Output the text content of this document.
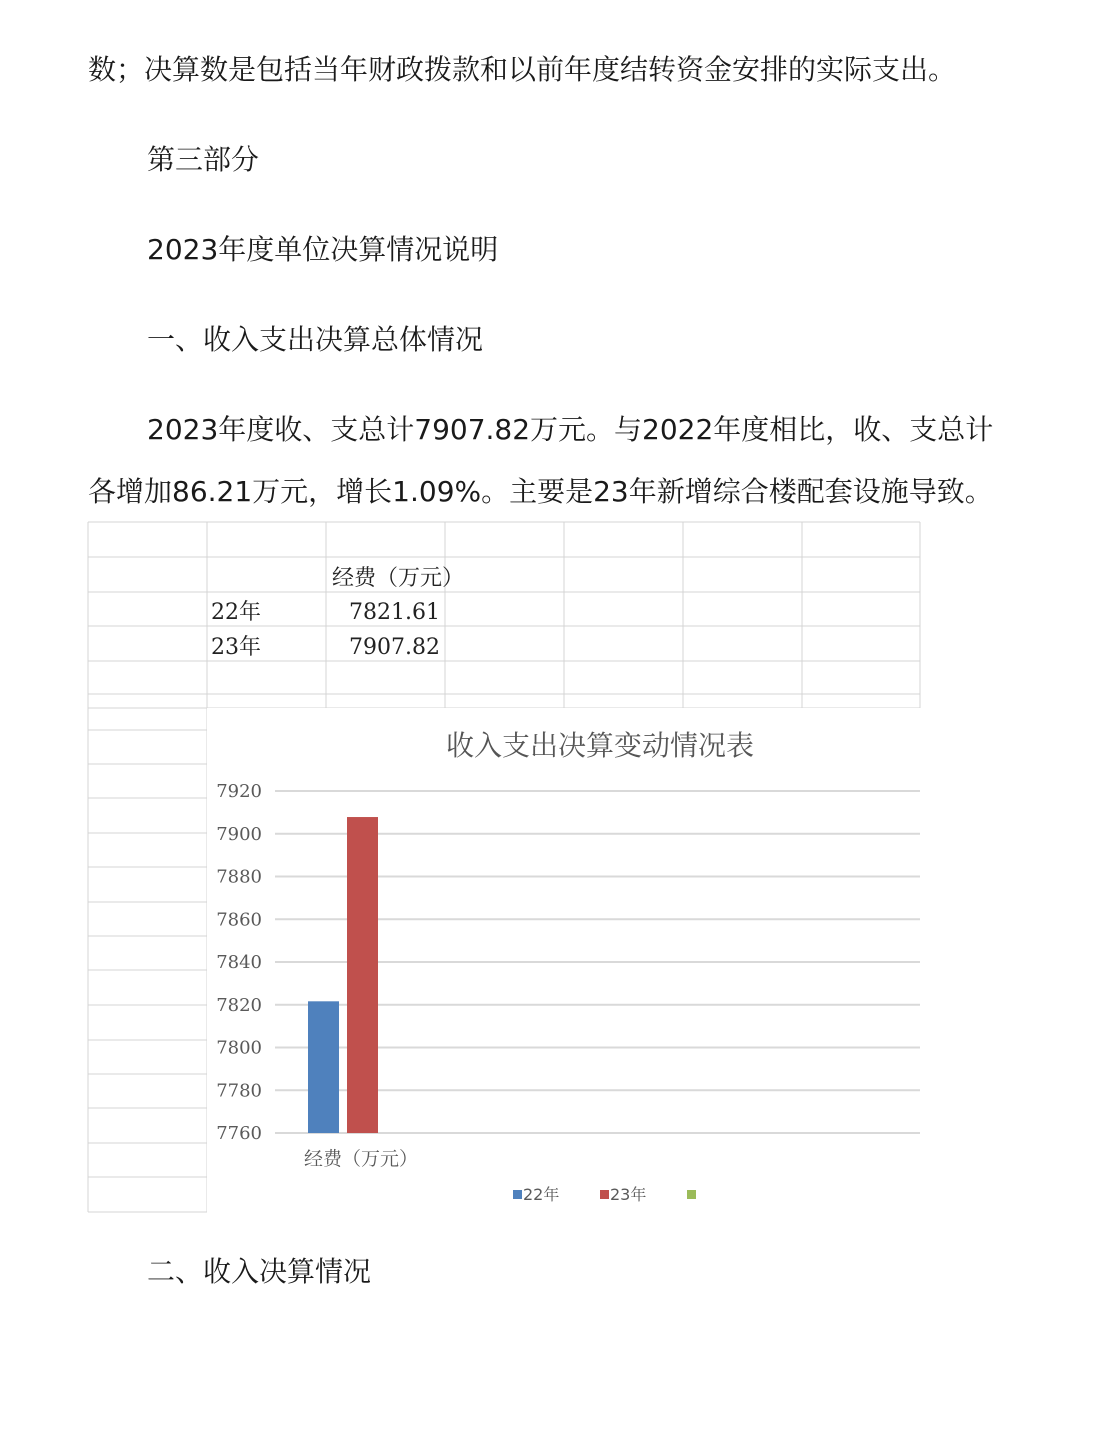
数；决算数是包括当年财政拨款和以前年度结转资金安排的实际支出。

第三部分

2023年度单位决算情况说明

一、收入支出决算总体情况

2023年度收、支总计7907.82万元。与2022年度相比，收、支总计

各增加86.21万元，增长1.09%。主要是23年新增综合楼配套设施导致。

经费（万元）
22年	7821.61
23年	7907.82
收入支出决算变动情况表
7760
7780
7800
7820
7840
7860
7880
7900
7920
经费（万元）
22年	23年

二、收入决算情况
